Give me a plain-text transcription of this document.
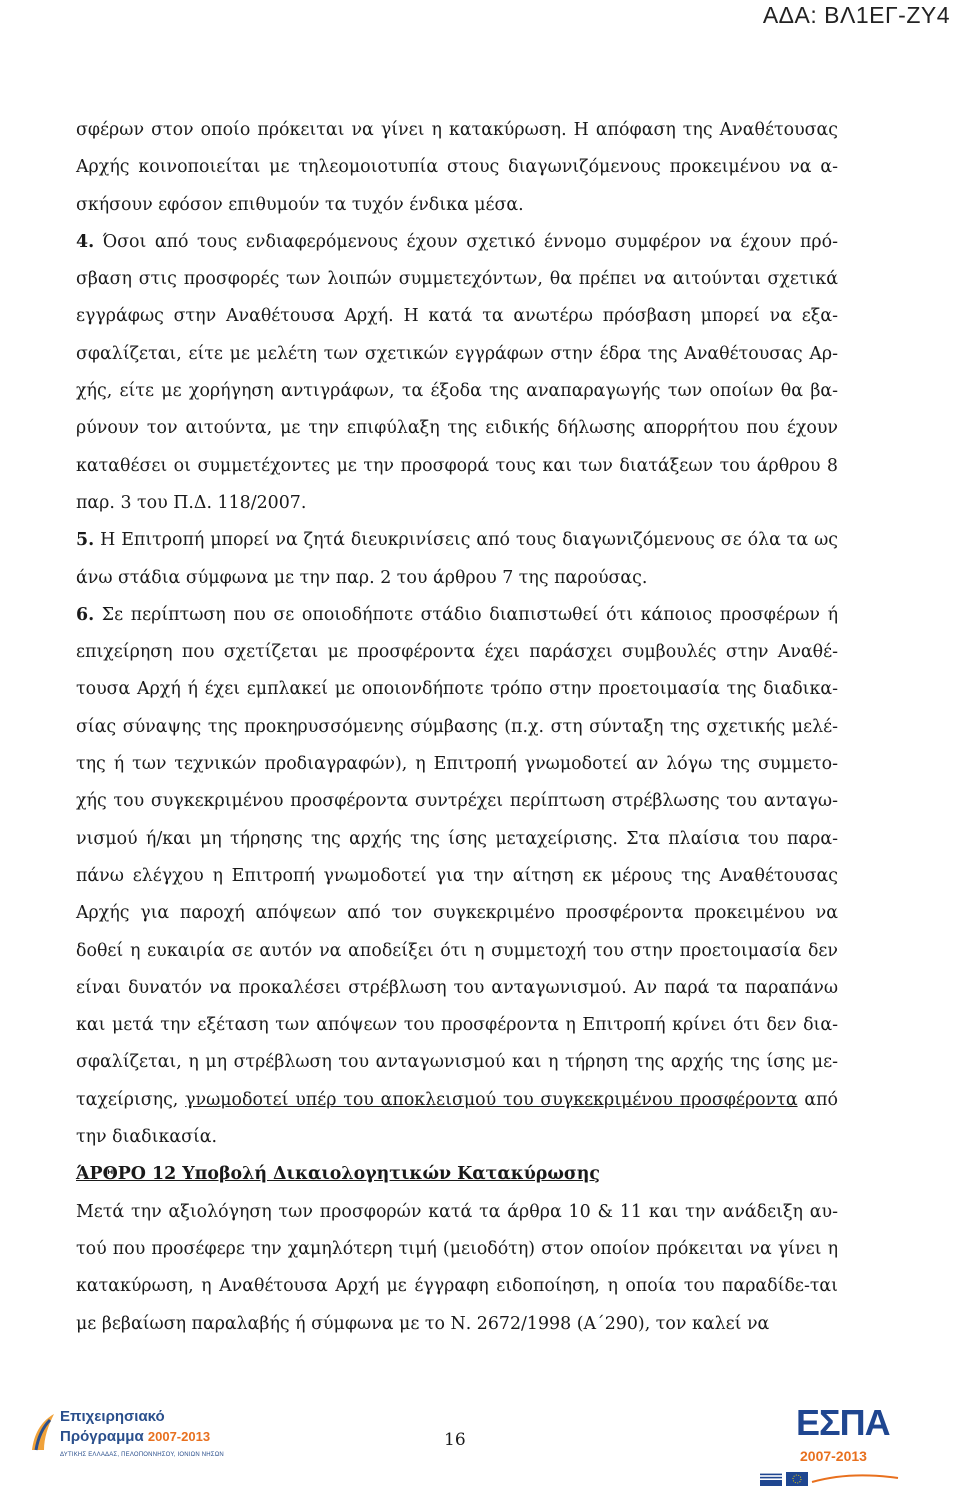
ΑΔΑ: ΒΛ1ΕΓ-ΖΥ4

σφέρων στον οποίο πρόκειται να γίνει η κατακύρωση. Η απόφαση της Αναθέτουσας Αρχής κοινοποιείται με τηλεομοιοτυπία στους διαγωνιζόμενους προκειμένου να α-σκήσουν εφόσον επιθυμούν τα τυχόν ένδικα μέσα.

4. Όσοι από τους ενδιαφερόμενους έχουν σχετικό έννομο συμφέρον να έχουν πρό-σβαση στις προσφορές των λοιπών συμμετεχόντων, θα πρέπει να αιτούνται σχετικά εγγράφως στην Αναθέτουσα Αρχή. Η κατά τα ανωτέρω πρόσβαση μπορεί να εξα-σφαλίζεται, είτε με μελέτη των σχετικών εγγράφων στην έδρα της Αναθέτουσας Αρ-χής, είτε με χορήγηση αντιγράφων, τα έξοδα της αναπαραγωγής των οποίων θα βα-ρύνουν τον αιτούντα, με την επιφύλαξη της ειδικής δήλωσης απορρήτου που έχουν καταθέσει οι συμμετέχοντες με την προσφορά τους και των διατάξεων του άρθρου 8 παρ. 3 του Π.Δ. 118/2007.

5. Η Επιτροπή μπορεί να ζητά διευκρινίσεις από τους διαγωνιζόμενους σε όλα τα ως άνω στάδια σύμφωνα με την παρ. 2 του άρθρου 7 της παρούσας.

6. Σε περίπτωση που σε οποιοδήποτε στάδιο διαπιστωθεί ότι κάποιος προσφέρων ή επιχείρηση που σχετίζεται με προσφέροντα έχει παράσχει συμβουλές στην Αναθέ-τουσα Αρχή ή έχει εμπλακεί με οποιονδήποτε τρόπο στην προετοιμασία της διαδικα-σίας σύναψης της προκηρυσσόμενης σύμβασης (π.χ. στη σύνταξη της σχετικής μελέ-της ή των τεχνικών προδιαγραφών), η Επιτροπή γνωμοδοτεί αν λόγω της συμμετο-χής του συγκεκριμένου προσφέροντα συντρέχει περίπτωση στρέβλωσης του ανταγω-νισμού ή/και μη τήρησης της αρχής της ίσης μεταχείρισης. Στα πλαίσια του παρα-πάνω ελέγχου η Επιτροπή γνωμοδοτεί για την αίτηση εκ μέρους της Αναθέτουσας Αρχής για παροχή απόψεων από τον συγκεκριμένο προσφέροντα προκειμένου να δοθεί η ευκαιρία σε αυτόν να αποδείξει ότι η συμμετοχή του στην προετοιμασία δεν είναι δυνατόν να προκαλέσει στρέβλωση του ανταγωνισμού. Αν παρά τα παραπάνω και μετά την εξέταση των απόψεων του προσφέροντα η Επιτροπή κρίνει ότι δεν δια-σφαλίζεται, η μη στρέβλωση του ανταγωνισμού και η τήρηση της αρχής της ίσης με-ταχείρισης, γνωμοδοτεί υπέρ του αποκλεισμού του συγκεκριμένου προσφέροντα από την διαδικασία.

ΆΡΘΡΟ 12 Υποβολή Δικαιολογητικών Κατακύρωσης

Μετά την αξιολόγηση των προσφορών κατά τα άρθρα 10 & 11 και την ανάδειξη αυ-τού που προσέφερε την χαμηλότερη τιμή (μειοδότη) στον οποίον πρόκειται να γίνει η κατακύρωση, η Αναθέτουσα Αρχή με έγγραφη ειδοποίηση, η οποία του παραδίδε-ται με βεβαίωση παραλαβής ή σύμφωνα με το Ν. 2672/1998 (Α΄290), τον καλεί να

Επιχειρησιακό
Πρόγραμμα 2007-2013
ΔΥΤΙΚΗΣ ΕΛΛΑΔΑΣ, ΠΕΛΟΠΟΝΝΗΣΟΥ, ΙΟΝΙΩΝ ΝΗΣΩΝ
16	ΕΣΠΑ
2007-2013
